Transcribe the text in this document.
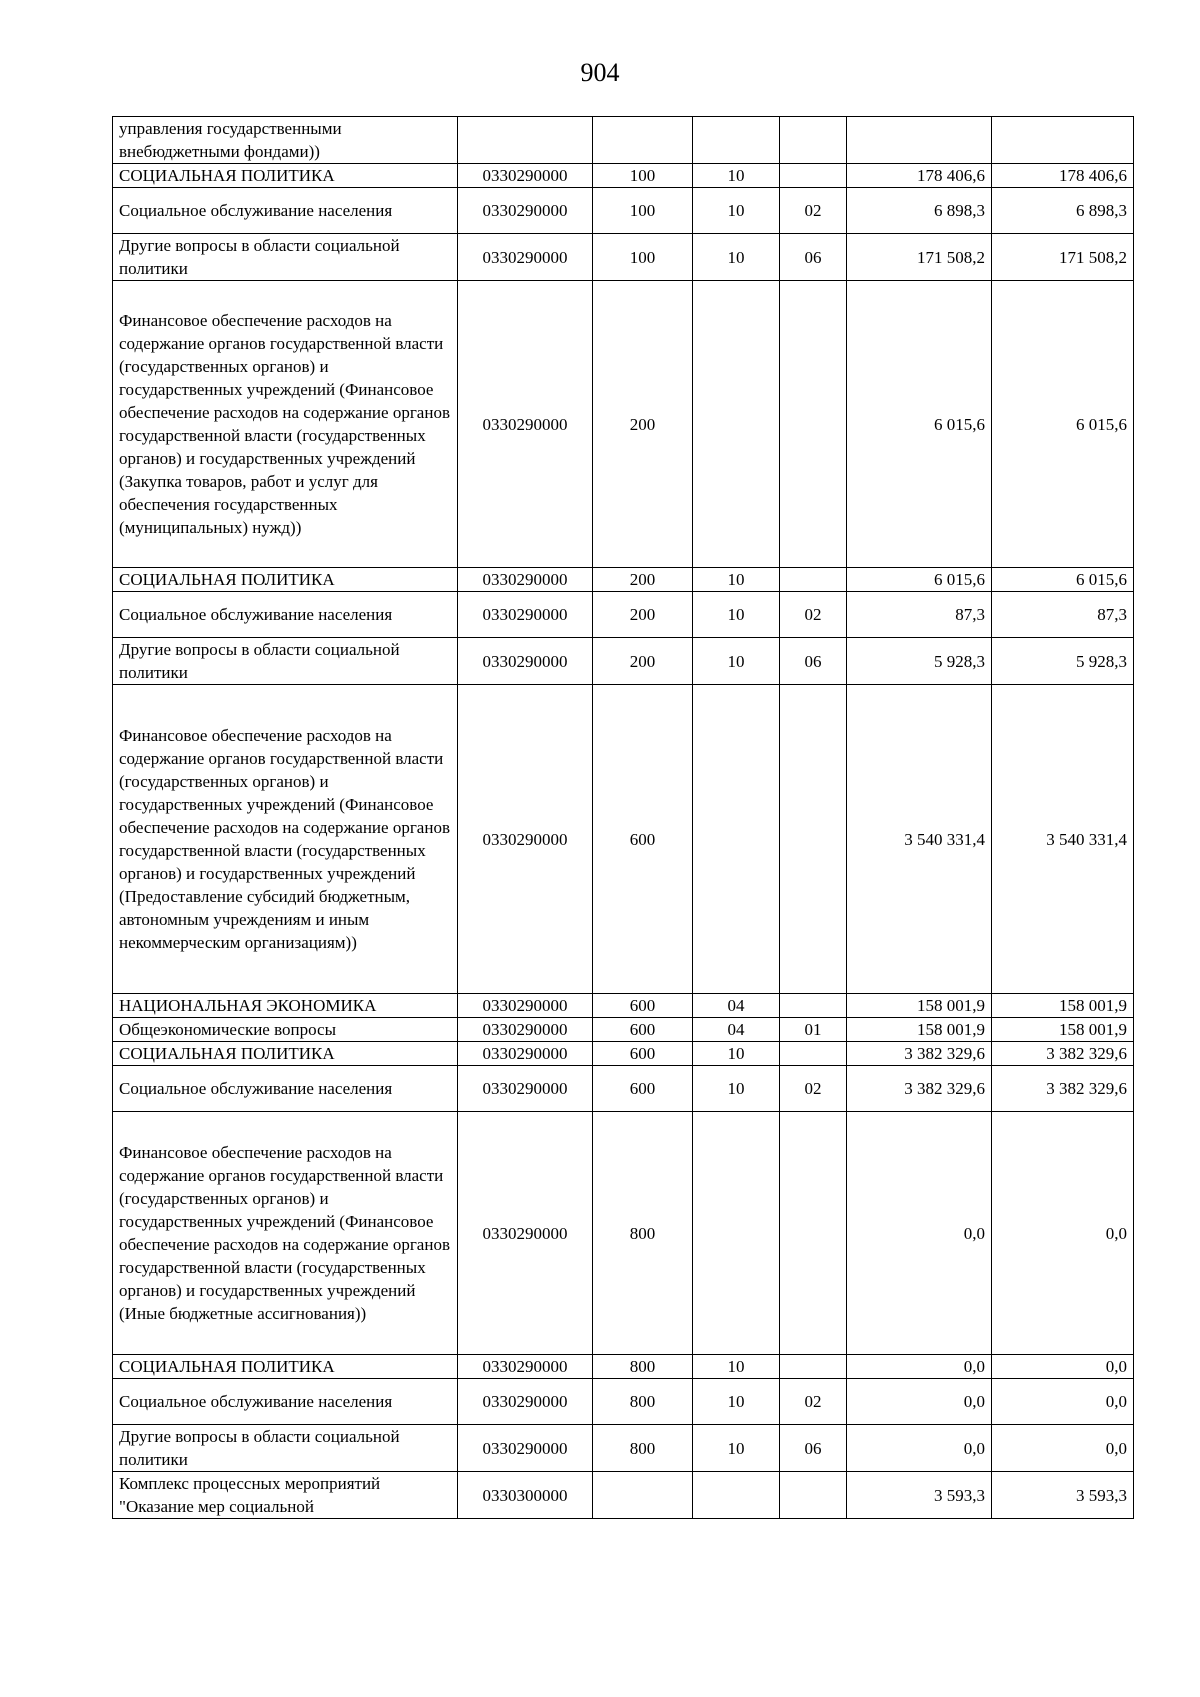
904
управления государственными внебюджетными фондами))						
СОЦИАЛЬНАЯ ПОЛИТИКА	0330290000	100	10		178 406,6	178 406,6
Социальное обслуживание населения	0330290000	100	10	02	6 898,3	6 898,3
Другие вопросы в области социальной политики	0330290000	100	10	06	171 508,2	171 508,2
Финансовое обеспечение расходов на содержание органов государственной власти (государственных органов) и государственных учреждений (Финансовое обеспечение расходов на содержание органов государственной власти (государственных органов) и государственных учреждений (Закупка товаров, работ и услуг для обеспечения государственных (муниципальных) нужд))	0330290000	200			6 015,6	6 015,6
СОЦИАЛЬНАЯ ПОЛИТИКА	0330290000	200	10		6 015,6	6 015,6
Социальное обслуживание населения	0330290000	200	10	02	87,3	87,3
Другие вопросы в области социальной политики	0330290000	200	10	06	5 928,3	5 928,3
Финансовое обеспечение расходов на содержание органов государственной власти (государственных органов) и государственных учреждений (Финансовое обеспечение расходов на содержание органов государственной власти (государственных органов) и государственных учреждений (Предоставление субсидий бюджетным, автономным учреждениям и иным некоммерческим организациям))	0330290000	600			3 540 331,4	3 540 331,4
НАЦИОНАЛЬНАЯ ЭКОНОМИКА	0330290000	600	04		158 001,9	158 001,9
Общеэкономические вопросы	0330290000	600	04	01	158 001,9	158 001,9
СОЦИАЛЬНАЯ ПОЛИТИКА	0330290000	600	10		3 382 329,6	3 382 329,6
Социальное обслуживание населения	0330290000	600	10	02	3 382 329,6	3 382 329,6
Финансовое обеспечение расходов на содержание органов государственной власти (государственных органов) и государственных учреждений (Финансовое обеспечение расходов на содержание органов государственной власти (государственных органов) и государственных учреждений (Иные бюджетные ассигнования))	0330290000	800			0,0	0,0
СОЦИАЛЬНАЯ ПОЛИТИКА	0330290000	800	10		0,0	0,0
Социальное обслуживание населения	0330290000	800	10	02	0,0	0,0
Другие вопросы в области социальной политики	0330290000	800	10	06	0,0	0,0
Комплекс процессных мероприятий "Оказание мер социальной	0330300000				3 593,3	3 593,3
